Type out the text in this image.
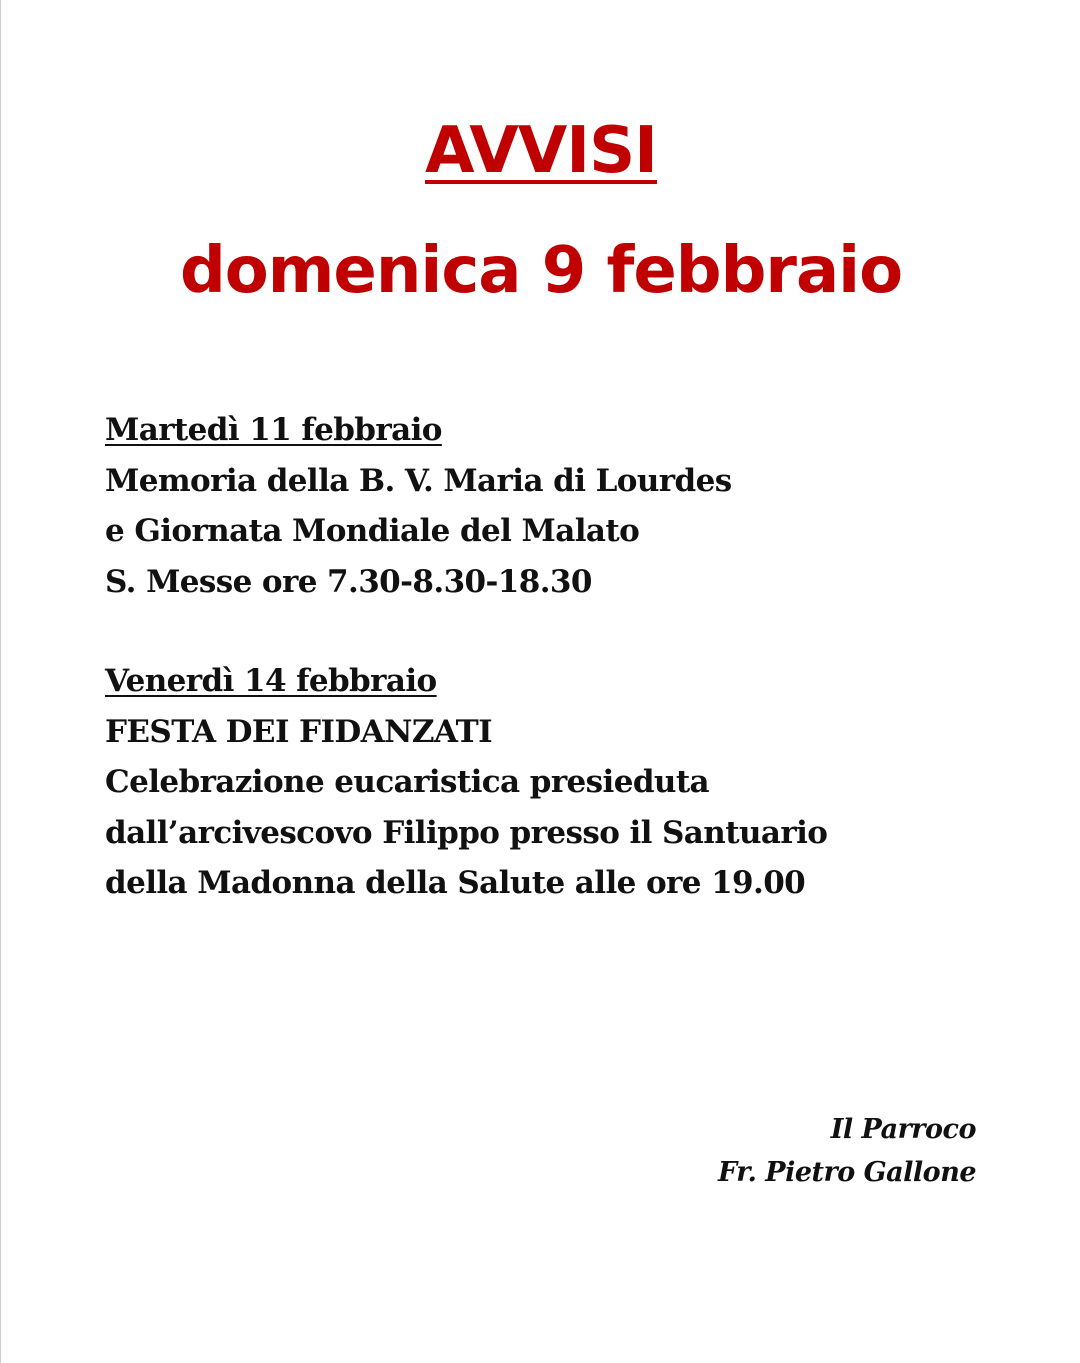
AVVISI
domenica 9 febbraio
Martedì 11 febbraio
Memoria della B. V. Maria di Lourdes
e Giornata Mondiale del Malato
S. Messe ore 7.30-8.30-18.30
Venerdì 14 febbraio
FESTA DEI FIDANZATI
Celebrazione eucaristica presieduta
dall’arcivescovo Filippo presso il Santuario
della Madonna della Salute alle ore 19.00
Il Parroco
Fr. Pietro Gallone
